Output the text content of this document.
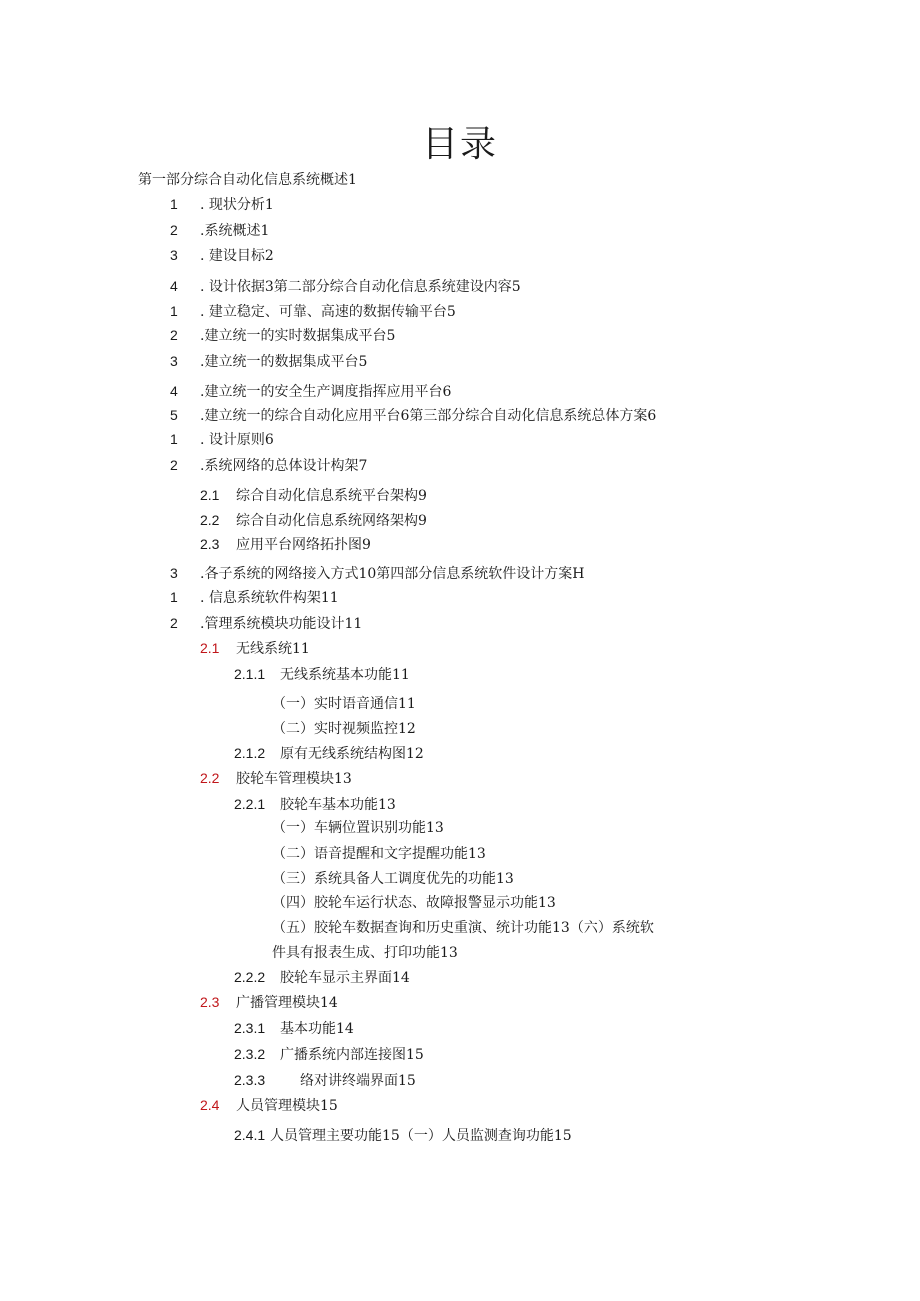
目录
第一部分综合自动化信息系统概述1
1 . 现状分析1
2 .系统概述1
3 . 建设目标2
4 . 设计依据3第二部分综合自动化信息系统建设内容5
1 . 建立稳定、可靠、高速的数据传输平台5
2 .建立统一的实时数据集成平台5
3 .建立统一的数据集成平台5
4 .建立统一的安全生产调度指挥应用平台6
5 .建立统一的综合自动化应用平台6第三部分综合自动化信息系统总体方案6
1 . 设计原则6
2 .系统网络的总体设计构架7
2.1 综合自动化信息系统平台架构9
2.2 综合自动化信息系统网络架构9
2.3 应用平台网络拓扑图9
3 .各子系统的网络接入方式10第四部分信息系统软件设计方案H
1 . 信息系统软件构架11
2 .管理系统模块功能设计11
2.1 无线系统11
2.1.1 无线系统基本功能11
（一）实时语音通信11
（二）实时视频监控12
2.1.2 原有无线系统结构图12
2.2 胶轮车管理模块13
2.2.1 胶轮车基本功能13
（一）车辆位置识别功能13
（二）语音提醒和文字提醒功能13
（三）系统具备人工调度优先的功能13
（四）胶轮车运行状态、故障报警显示功能13
（五）胶轮车数据查询和历史重演、统计功能13（六）系统软
件具有报表生成、打印功能13
2.2.2 胶轮车显示主界面14
2.3 广播管理模块14
2.3.1 基本功能14
2.3.2 广播系统内部连接图15
2.3.3 络对讲终端界面15
2.4 人员管理模块15
2.4.1 人员管理主要功能15（一）人员监测查询功能15
